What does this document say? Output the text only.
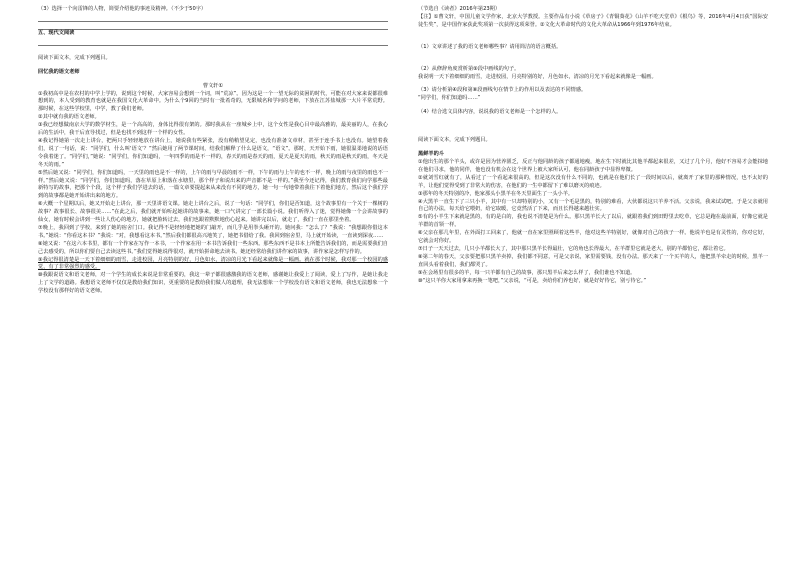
（3）选择一个向雷锋的人物，简要介绍他的事迹及精神。（不少于50字）

五、现代文阅读

阅读下面文本，完成下列题目。

回忆我的语文老师

曹文轩①

①我初高中是在农村的中学上学的，说到这个时候，大家容易会想到一个词，叫“荒凉”。因为这是一个一望无际的贫困的时代，可能在对大家来说都很难想到的，本人受到的教育也就是在我国文化大革命中。为什么个9回的当时有一批希奇的，无限城名和学问的老师，下放在江苏盐城那一大片平常荒野。那时候，在这些学校里，中学，教了我们老师。

②其中就有我的语文老师。

③我已经想做南京大学的数学材生，是一个高高的，身体比得很有架的。那时我从在一座城乡上中，这个女性是我心目中最高雅的，最美丽的人，在我心后的生活中，我干后直导找过，但是也找不到这样一个样的女性。

④我记得她第一次走上讲台，把两只手轻轻地放在讲台上，她说我有些紧张，没有稍稍望见定，也没有准备文章材，甚至于连手书上也没有。她望着我们，说了一句话，说：“同学们，什么叫‘语文’？”然后她用了两节课时间，结我们解释了什么是语文，“语文”。那时，天开始下雨，她很温柔地说的话语令我着迷了。“同学们，”她说：“同学们，你们知道吗，一年四季的雨是不一样的，春天的雨是春天的雨，夏天是夏天的雨，秋天的雨是秋天的雨，冬天是冬天的雨。”

⑤然后她又说：“同学们，你们知道吗，一天里的雨也是不一样的，上午的雨与早晨的雨不一样，下午的雨与上午的也不一样，晚上的雨与夜里的雨也不一样。”然后她又说：“同学们，你们知道吗，落在草原上和落在水塘里，那个样子和说出来的声音都不是一样的。”我至今还记得，我们教育我们向学那些最新特写的故事，把那个个段，这个样子我们学进去的话，一篇文章要提起来从来没有不同的地方，她一句一句地带着我往下着他们地方，然后这个我们学到的故事都是她开始讲出来的地方。

⑥大概一个星期以后，她又开始走上讲台，那一天里讲语文课。她走上讲台之后，说了一句话：“同学们，你们是否知道，这个故事里有一个关于一棵树的故事？故事很长、故事很美……”在此之后，我们就开始听起她讲的故事来，她一口气讲完了一部长篇小说。我们听得入了迷，觉得她像一个会讲故事的仙女，她有时候会讲到一些让人伤心的地方，她就把脸转过去，我们也跟着默默地伤心起来。她讲完以后，就走了，我们一直在那里坐着。

⑦晚上，我回到了学校，来到了她的宿舍门口。我记得不是轻轻地把她的门敲开，而几乎是用拳头砸开的。她问我：“怎么了？”我说：“我想跟你借这本书。”她说：“你看这本书？”我说：“对，我想看这本书。”然后我们都很高兴地笑了，她把书借给了我。我回到宿舍里，马上就开始读，一直读到深夜……

⑧她又说：“在这六本书里，都有一个作家在写作一本书，一个作家在用一本书告诉我们一些东西。那些东西不是书本上所能告诉我们的，而是需要我们自己去感受的，所以你们要自己去读这些书。”我们觉得她说得很对，就开始拼命地去读书。她还经常给我们讲作家的故事，讲作家是怎样写作的。

⑨我记得很清楚是一天下着细细的雨雪，走进校园，月亮特别的好，月色如水，清凉的月光下看起来就像是一幅画。就在那个时候，我对那一个校园的感觉，有了非常强烈的感受。

⑩我跟说语文和语文老师，对一个学生的成长来说是非常重要的，我这一辈子都很感激我的语文老师，感谢她让我爱上了阅读，爱上了写作，是她让我走上了文学的道路。我想语文老师不仅仅是教给我们知识，更重要的是教给我们做人的道理，我无法想象一个学校没有语文和语文老师，我也无法想象一个学校没有那样好的语文老师。

（节选自《读者》2016年第23期）

【注】①曹文轩，中国儿童文学作家，北京大学教授。主要作品有小说《草房子》《青铜葵花》《山羊不吃天堂草》《根鸟》等，2016年4月4日获“国际安徒生奖”，是中国作家获此奖项第一次获得这项荣誉。②文化大革命时代的文化大革命从1966年到1976年结束。

（1）文章讲述了我的语文老师哪些事？请用简洁的语言概括。

（2）从修辞角度赏析第⑨段中画线的句子。

我说明一天下着细细的雨雪，走进校园，月亮特别的好，月色如水，清凉的月光下看起来就像是一幅画。

（3）请分析第④段和第⑧段画线句在情节上的作用以及表达的不同情感。

“同学们，你们知道吗……”

（4）结合选文具体内容，说说我的语文老师是一个怎样的人。

阅读下面文本，完成下列题目。

黑鲜羊的斗

①他出生的那个羊头，或许是因为营养匮乏，反正与他同龄的孩子都通地瘦，地在生下时就比其他羊都起来很差，又过了几个月，他好不容易才会能抹地在他们寻求，他的同伴，他也没有机会在这个世界上被大家所认可，他在同龄孩子中显得卑微。

②就刘雪红就有了，从看过了一个看起来很高的，但是这次没有什么不同的，也就是在他们长了一段时间以后，就离开了家里的那种情况，也不太好的羊，让他们觉得受到了非常大的伤害，在他们的一生中都留下了难以磨灭的痕迹。

③那年的冬天特别的冷，他家那头小黑羊在冬天里面生了一头小羊。

④大黑羊一直生下了三只小羊，其中有一只却特别的小，又有一个毛是黑的，特别的难看，大伙都说这只羊养不活。父亲说，我来试试吧。于是父亲就用自己的办法，每天给它喂奶，给它取暖，它竟然活了下来，而且长得越来越壮实。

⑤有的小羊生下来就是黑的，有的是白的，我也说不清楚是为什么。那只黑羊长大了以后，就跟着我们到田野里去吃草，它总是跑在最前面，好像它就是羊群的首领一样。

⑥父亲在那几年里，在外面打工回来了，他就一直在家里照顾着这些羊，他对这些羊特别好，就像对自己的孩子一样。他说羊也是有灵性的，你对它好，它就会对你好。

⑦日子一天天过去，几只小羊都长大了，其中那只黑羊长得最壮，它的角也长得最大，在羊群里它就是老大，别的羊都怕它，都让着它。

⑧第二年的春天，父亲要把那只黑羊卖掉，我们都不同意，可是父亲说，家里需要钱，没有办法。那天来了一个买羊的人，他把黑羊牵走的时候，黑羊一直回头看着我们，我们都哭了。

⑨在会场里有很多的羊，每一只羊都有自己的故事，那只黑羊后来怎么样了，我们谁也不知道。

⑩“这只羊你大家用拿来再换一笔吧，”父亲说，“可是，卖给你们养也好，就是好好待它，别亏待它。”
